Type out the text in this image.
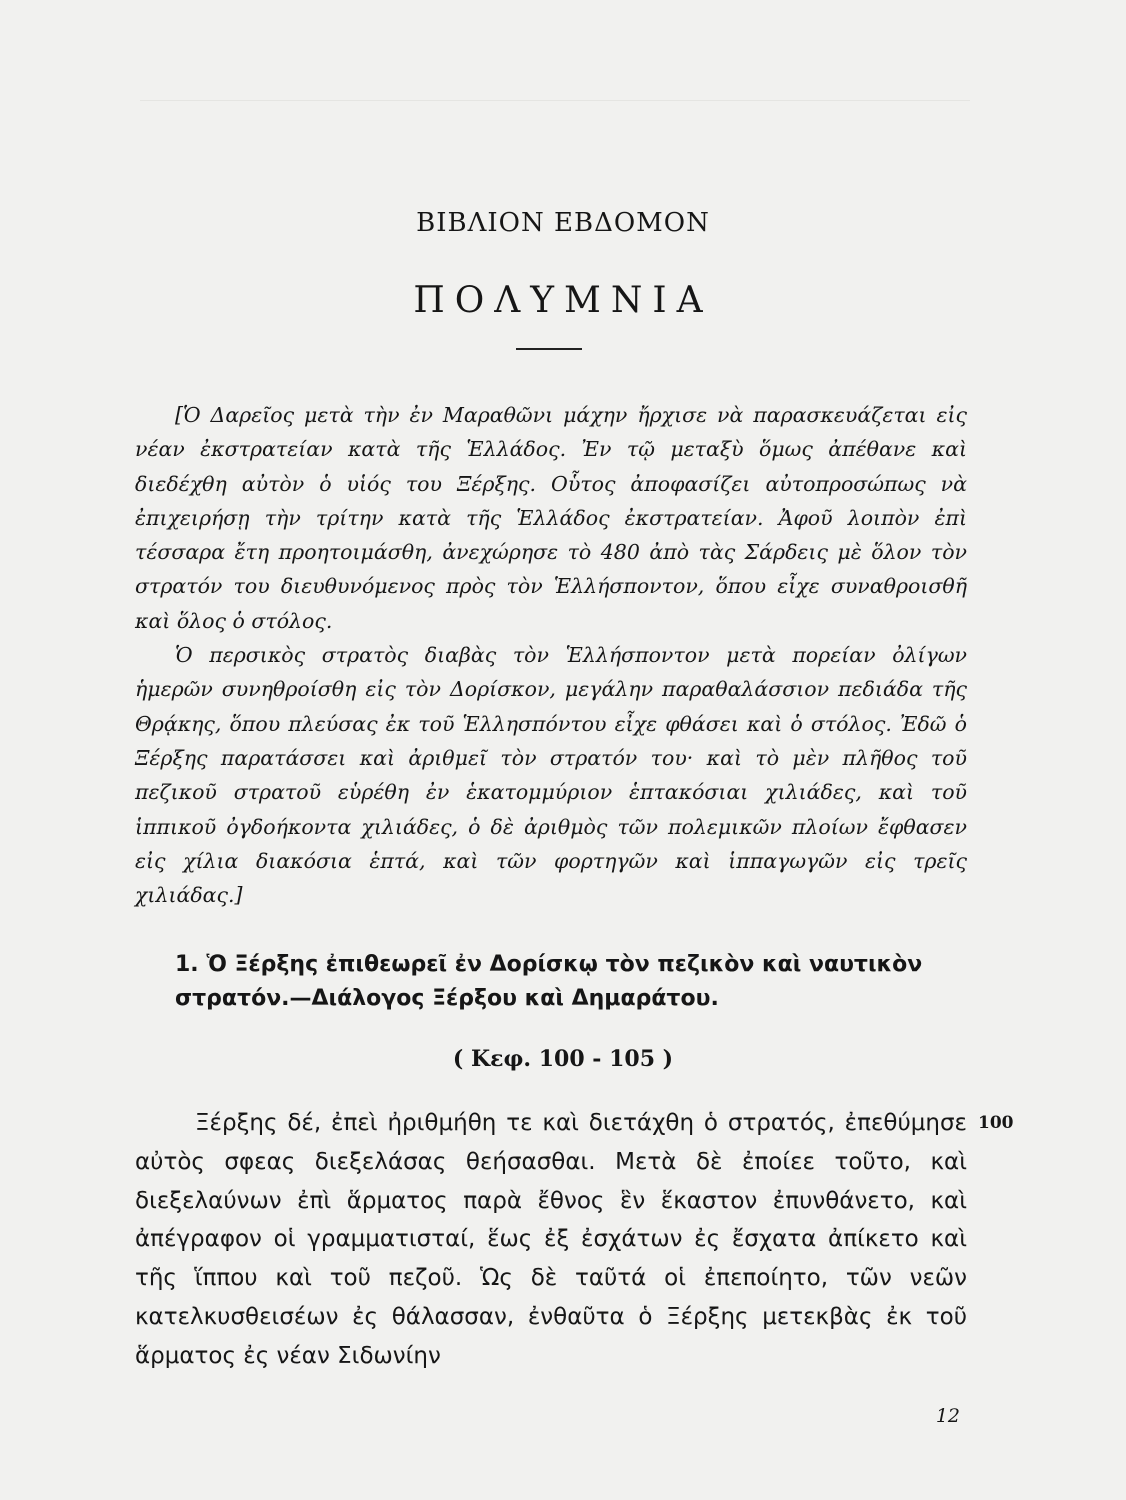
ΒΙΒΛΙΟΝ ΕΒΔΟΜΟΝ
ΠΟΛΥΜΝΙΑ

[Ὁ Δαρεῖος μετὰ τὴν ἐν Μαραθῶνι μάχην ἤρχισε νὰ παρασκευάζεται εἰς νέαν ἐκστρατείαν κατὰ τῆς Ἑλλάδος. Ἐν τῷ μεταξὺ ὅμως ἀπέθανε καὶ διεδέχθη αὐτὸν ὁ υἱός του Ξέρξης. Οὗτος ἀποφασίζει αὐτοπροσώπως νὰ ἐπιχειρήσῃ τὴν τρίτην κατὰ τῆς Ἑλλάδος ἐκστρατείαν. Ἀφοῦ λοιπὸν ἐπὶ τέσσαρα ἔτη προητοιμάσθη, ἀνεχώρησε τὸ 480 ἀπὸ τὰς Σάρδεις μὲ ὅλον τὸν στρατόν του διευθυνόμενος πρὸς τὸν Ἑλλήσποντον, ὅπου εἶχε συναθροισθῆ καὶ ὅλος ὁ στόλος.

Ὁ περσικὸς στρατὸς διαβὰς τὸν Ἑλλήσποντον μετὰ πορείαν ὀλίγων ἡμερῶν συνηθροίσθη εἰς τὸν Δορίσκον, μεγάλην παραθαλάσσιον πεδιάδα τῆς Θρᾴκης, ὅπου πλεύσας ἐκ τοῦ Ἑλλησπόντου εἶχε φθάσει καὶ ὁ στόλος. Ἐδῶ ὁ Ξέρξης παρατάσσει καὶ ἀριθμεῖ τὸν στρατόν του· καὶ τὸ μὲν πλῆθος τοῦ πεζικοῦ στρατοῦ εὑρέθη ἐν ἑκατομμύριον ἑπτακόσιαι χιλιάδες, καὶ τοῦ ἱππικοῦ ὀγδοήκοντα χιλιάδες, ὁ δὲ ἀριθμὸς τῶν πολεμικῶν πλοίων ἔφθασεν εἰς χίλια διακόσια ἑπτά, καὶ τῶν φορτηγῶν καὶ ἱππαγωγῶν εἰς τρεῖς χιλιάδας.]

1. Ὁ Ξέρξης ἐπιθεωρεῖ ἐν Δορίσκῳ τὸν πεζικὸν καὶ ναυτικὸν στρατόν.—Διάλογος Ξέρξου καὶ Δημαράτου.
( Κεφ. 100 - 105 )

Ξέρξης δέ, ἐπεὶ ἠριθμήθη τε καὶ διετάχθη ὁ στρατός, ἐπεθύμησε αὐτὸς σφεας διεξελάσας θεήσασθαι. Μετὰ δὲ ἐποίεε τοῦτο, καὶ διεξελαύνων ἐπὶ ἅρματος παρὰ ἔθνος ἓν ἕκαστον ἐπυνθάνετο, καὶ ἀπέγραφον οἱ γραμματισταί, ἕως ἐξ ἐσχάτων ἐς ἔσχατα ἀπίκετο καὶ τῆς ἵππου καὶ τοῦ πεζοῦ. Ὡς δὲ ταῦτά οἱ ἐπεποίητο, τῶν νεῶν κατελκυσθεισέων ἐς θάλασσαν, ἐνθαῦτα ὁ Ξέρξης μετεκβὰς ἐκ τοῦ ἅρματος ἐς νέαν Σιδωνίην

100
12
